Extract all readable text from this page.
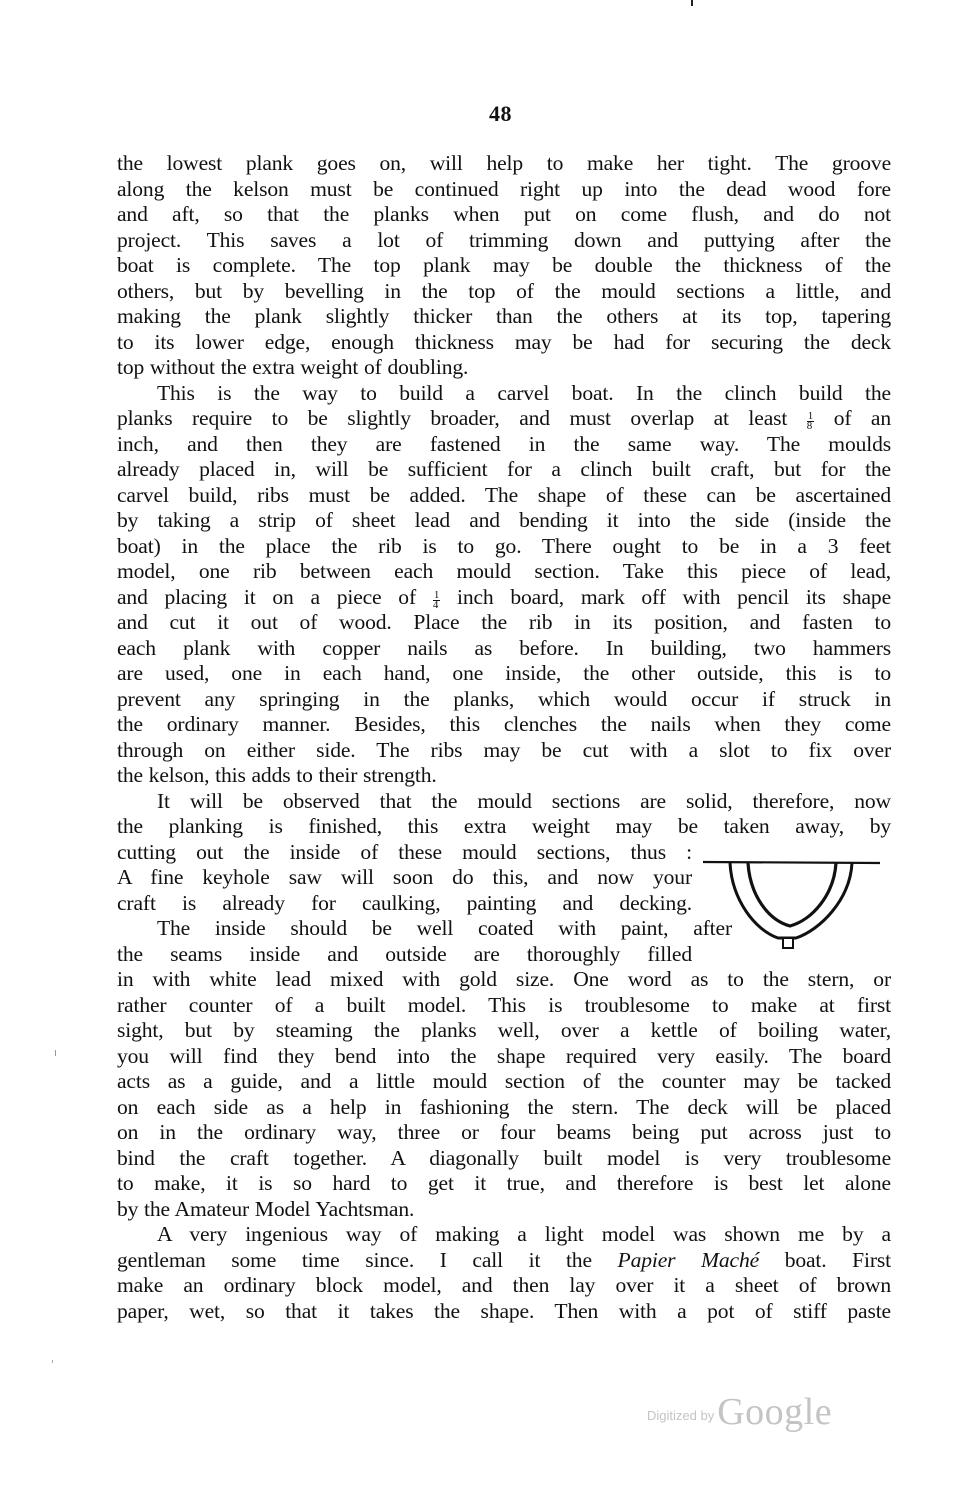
48
the lowest plank goes on, will help to make her tight. The groove
along the kelson must be continued right up into the dead wood fore
and aft, so that the planks when put on come flush, and do not
project. This saves a lot of trimming down and puttying after the
boat is complete. The top plank may be double the thickness of the
others, but by bevelling in the top of the mould sections a little, and
making the plank slightly thicker than the others at its top, tapering
to its lower edge, enough thickness may be had for securing the deck
top without the extra weight of doubling.
This is the way to build a carvel boat. In the clinch build the
planks require to be slightly broader, and must overlap at least $\frac{1}{8}$ of an
inch, and then they are fastened in the same way. The moulds
already placed in, will be sufficient for a clinch built craft, but for the
carvel build, ribs must be added. The shape of these can be ascertained
by taking a strip of sheet lead and bending it into the side (inside the
boat) in the place the rib is to go. There ought to be in a 3 feet
model, one rib between each mould section. Take this piece of lead,
and placing it on a piece of $\frac{1}{4}$ inch board, mark off with pencil its shape
and cut it out of wood. Place the rib in its position, and fasten to
each plank with copper nails as before. In building, two hammers
are used, one in each hand, one inside, the other outside, this is to
prevent any springing in the planks, which would occur if struck in
the ordinary manner. Besides, this clenches the nails when they come
through on either side. The ribs may be cut with a slot to fix over
the kelson, this adds to their strength.
It will be observed that the mould sections are solid, therefore, now
the planking is finished, this extra weight may be taken away, by
cutting out the inside of these mould sections, thus :
A fine keyhole saw will soon do this, and now your
craft is already for caulking, painting and decking.
The inside should be well coated with paint, after
the seams inside and outside are thoroughly filled
in with white lead mixed with gold size. One word as to the stern, or
rather counter of a built model. This is troublesome to make at first
sight, but by steaming the planks well, over a kettle of boiling water,
you will find they bend into the shape required very easily. The board
acts as a guide, and a little mould section of the counter may be tacked
on each side as a help in fashioning the stern. The deck will be placed
on in the ordinary way, three or four beams being put across just to
bind the craft together. A diagonally built model is very troublesome
to make, it is so hard to get it true, and therefore is best let alone
by the Amateur Model Yachtsman.
A very ingenious way of making a light model was shown me by a
gentleman some time since. I call it the Papier Maché boat. First
make an ordinary block model, and then lay over it a sheet of brown
paper, wet, so that it takes the shape. Then with a pot of stiff paste
$^{Digitized by}$Google
